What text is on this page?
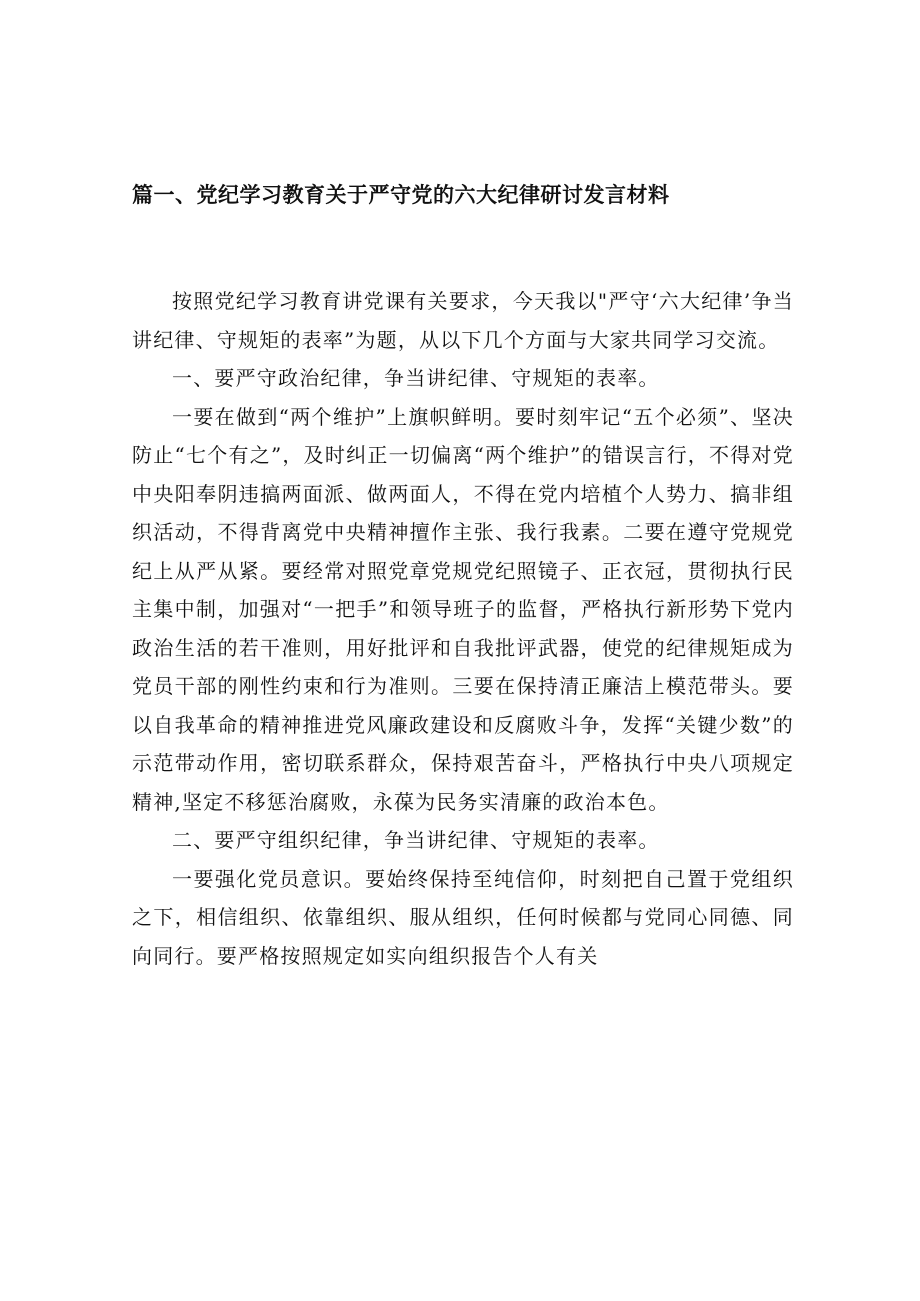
篇一、党纪学习教育关于严守党的六大纪律研讨发言材料

按照党纪学习教育讲党课有关要求，今天我以"严守‘六大纪律’争当讲纪律、守规矩的表率”为题，从以下几个方面与大家共同学习交流。

一、要严守政治纪律，争当讲纪律、守规矩的表率。

一要在做到“两个维护”上旗帜鲜明。要时刻牢记“五个必须”、坚决防止“七个有之”，及时纠正一切偏离“两个维护”的错误言行，不得对党中央阳奉阴违搞两面派、做两面人，不得在党内培植个人势力、搞非组织活动，不得背离党中央精神擅作主张、我行我素。二要在遵守党规党纪上从严从紧。要经常对照党章党规党纪照镜子、正衣冠，贯彻执行民主集中制，加强对“一把手”和领导班子的监督，严格执行新形势下党内政治生活的若干准则，用好批评和自我批评武器，使党的纪律规矩成为党员干部的刚性约束和行为准则。三要在保持清正廉洁上模范带头。要以自我革命的精神推进党风廉政建设和反腐败斗争，发挥“关键少数”的示范带动作用，密切联系群众，保持艰苦奋斗，严格执行中央八项规定精神,坚定不移惩治腐败，永葆为民务实清廉的政治本色。

二、要严守组织纪律，争当讲纪律、守规矩的表率。

一要强化党员意识。要始终保持至纯信仰，时刻把自己置于党组织之下，相信组织、依靠组织、服从组织，任何时候都与党同心同德、同向同行。要严格按照规定如实向组织报告个人有关
